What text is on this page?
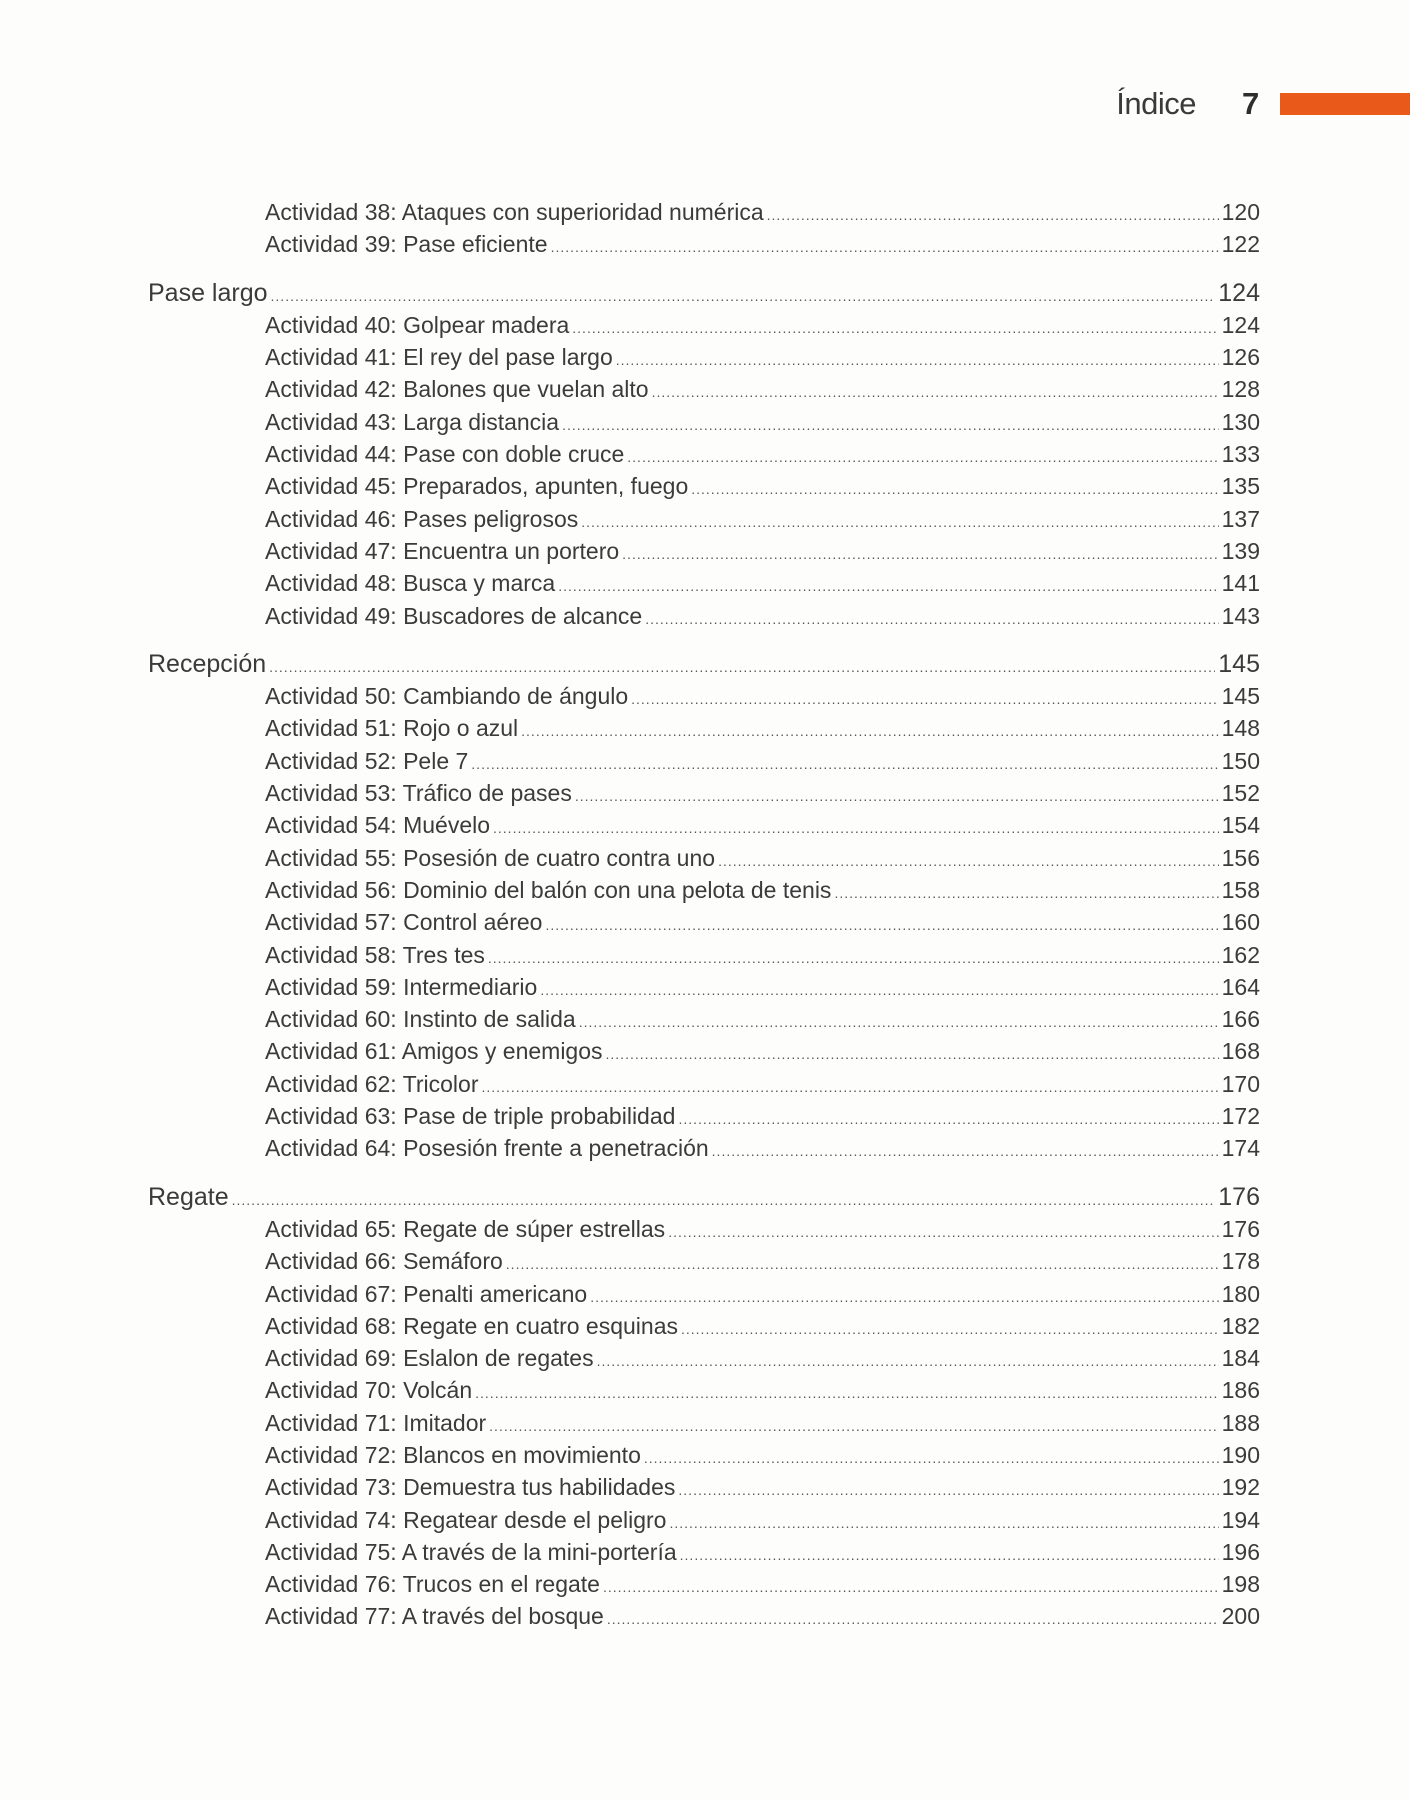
Índice 7
Actividad 38: Ataques con superioridad numérica .....	120
Actividad 39: Pase eficiente .....	122
Pase largo .....	124
Actividad 40: Golpear madera .....	124
Actividad 41: El rey del pase largo .....	126
Actividad 42: Balones que vuelan alto .....	128
Actividad 43: Larga distancia .....	130
Actividad 44: Pase con doble cruce .....	133
Actividad 45: Preparados, apunten, fuego .....	135
Actividad 46: Pases peligrosos .....	137
Actividad 47: Encuentra un portero .....	139
Actividad 48: Busca y marca .....	141
Actividad 49: Buscadores de alcance .....	143
Recepción .....	145
Actividad 50: Cambiando de ángulo .....	145
Actividad 51: Rojo o azul .....	148
Actividad 52: Pele 7 .....	150
Actividad 53: Tráfico de pases .....	152
Actividad 54: Muévelo .....	154
Actividad 55: Posesión de cuatro contra uno .....	156
Actividad 56: Dominio del balón con una pelota de tenis .....	158
Actividad 57: Control aéreo .....	160
Actividad 58: Tres tes .....	162
Actividad 59: Intermediario .....	164
Actividad 60: Instinto de salida .....	166
Actividad 61: Amigos y enemigos .....	168
Actividad 62: Tricolor .....	170
Actividad 63: Pase de triple probabilidad .....	172
Actividad 64: Posesión frente a penetración .....	174
Regate .....	176
Actividad 65: Regate de súper estrellas .....	176
Actividad 66: Semáforo .....	178
Actividad 67: Penalti americano .....	180
Actividad 68: Regate en cuatro esquinas .....	182
Actividad 69: Eslalon de regates .....	184
Actividad 70: Volcán .....	186
Actividad 71: Imitador .....	188
Actividad 72: Blancos en movimiento .....	190
Actividad 73: Demuestra tus habilidades .....	192
Actividad 74: Regatear desde el peligro .....	194
Actividad 75: A través de la mini-portería .....	196
Actividad 76: Trucos en el regate .....	198
Actividad 77: A través del bosque .....	200
